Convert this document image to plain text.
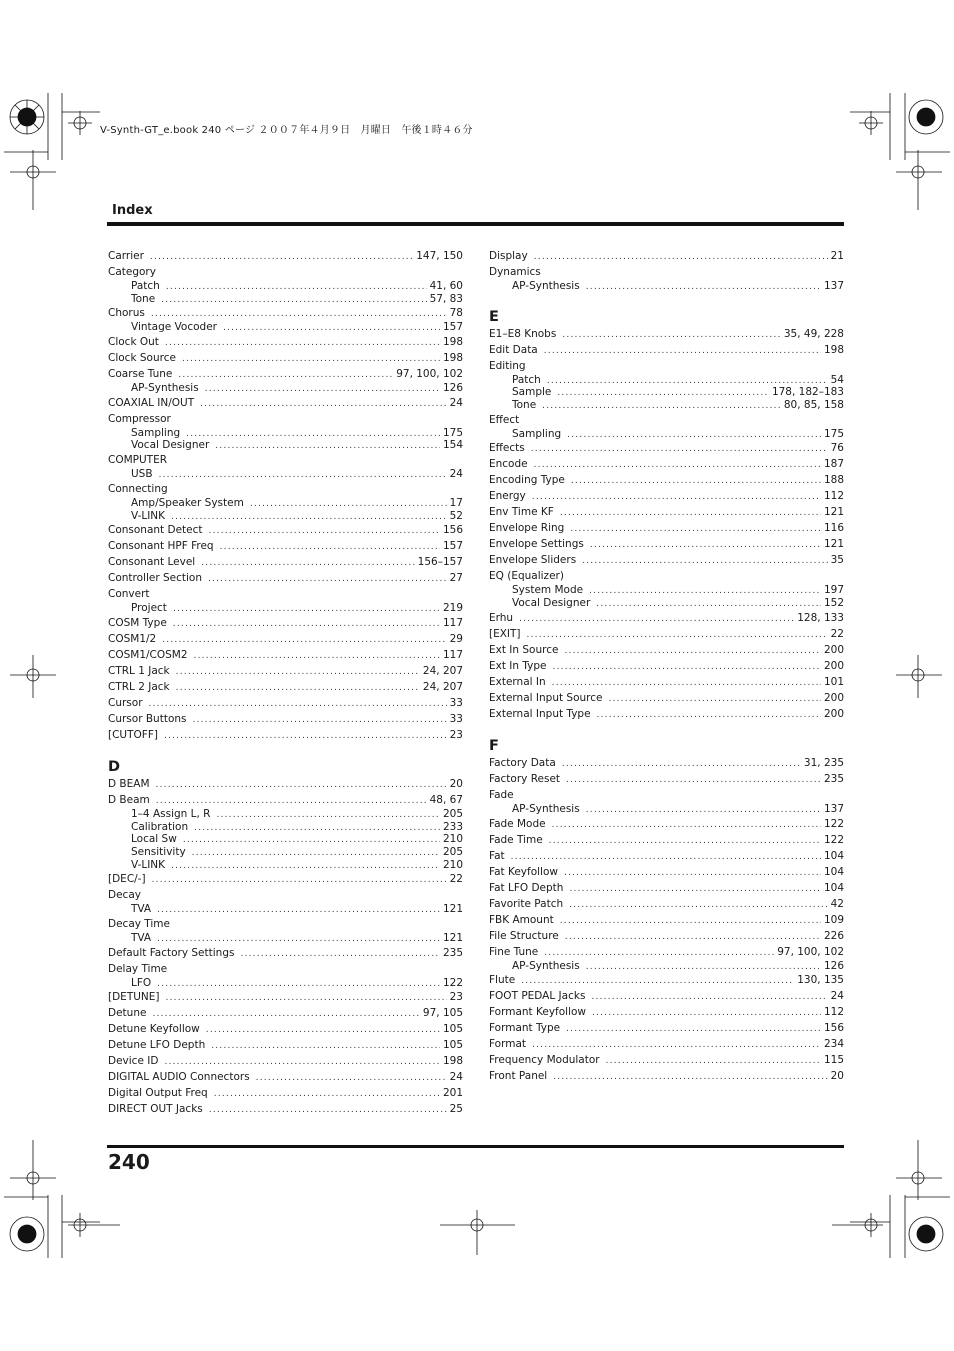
V-Synth-GT_e.book 240 ページ ２００７年４月９日　月曜日　午後１時４６分
Index
Carrier .....	147, 150
Category
Patch .....	41, 60
Tone .....	57, 83
Chorus .....	78
Vintage Vocoder .....	157
Clock Out .....	198
Clock Source .....	198
Coarse Tune .....	97, 100, 102
AP-Synthesis .....	126
COAXIAL IN/OUT .....	24
Compressor
Sampling .....	175
Vocal Designer .....	154
COMPUTER
USB .....	24
Connecting
Amp/Speaker System .....	17
V-LINK .....	52
Consonant Detect .....	156
Consonant HPF Freq .....	157
Consonant Level .....	156–157
Controller Section .....	27
Convert
Project .....	219
COSM Type .....	117
COSM1/2 .....	29
COSM1/COSM2 .....	117
CTRL 1 Jack .....	24, 207
CTRL 2 Jack .....	24, 207
Cursor .....	33
Cursor Buttons .....	33
[CUTOFF] .....	23
D
D BEAM .....	20
D Beam .....	48, 67
1–4 Assign L, R .....	205
Calibration .....	233
Local Sw .....	210
Sensitivity .....	205
V-LINK .....	210
[DEC/-] .....	22
Decay
TVA .....	121
Decay Time
TVA .....	121
Default Factory Settings .....	235
Delay Time
LFO .....	122
[DETUNE] .....	23
Detune .....	97, 105
Detune Keyfollow .....	105
Detune LFO Depth .....	105
Device ID .....	198
DIGITAL AUDIO Connectors .....	24
Digital Output Freq .....	201
DIRECT OUT Jacks .....	25
Display .....	21
Dynamics
AP-Synthesis .....	137
E
E1–E8 Knobs .....	35, 49, 228
Edit Data .....	198
Editing
Patch .....	54
Sample .....	178, 182–183
Tone .....	80, 85, 158
Effect
Sampling .....	175
Effects .....	76
Encode .....	187
Encoding Type .....	188
Energy .....	112
Env Time KF .....	121
Envelope Ring .....	116
Envelope Settings .....	121
Envelope Sliders .....	35
EQ (Equalizer)
System Mode .....	197
Vocal Designer .....	152
Erhu .....	128, 133
[EXIT] .....	22
Ext In Source .....	200
Ext In Type .....	200
External In .....	101
External Input Source .....	200
External Input Type .....	200
F
Factory Data .....	31, 235
Factory Reset .....	235
Fade
AP-Synthesis .....	137
Fade Mode .....	122
Fade Time .....	122
Fat .....	104
Fat Keyfollow .....	104
Fat LFO Depth .....	104
Favorite Patch .....	42
FBK Amount .....	109
File Structure .....	226
Fine Tune .....	97, 100, 102
AP-Synthesis .....	126
Flute .....	130, 135
FOOT PEDAL Jacks .....	24
Formant Keyfollow .....	112
Formant Type .....	156
Format .....	234
Frequency Modulator .....	115
Front Panel .....	20
240
